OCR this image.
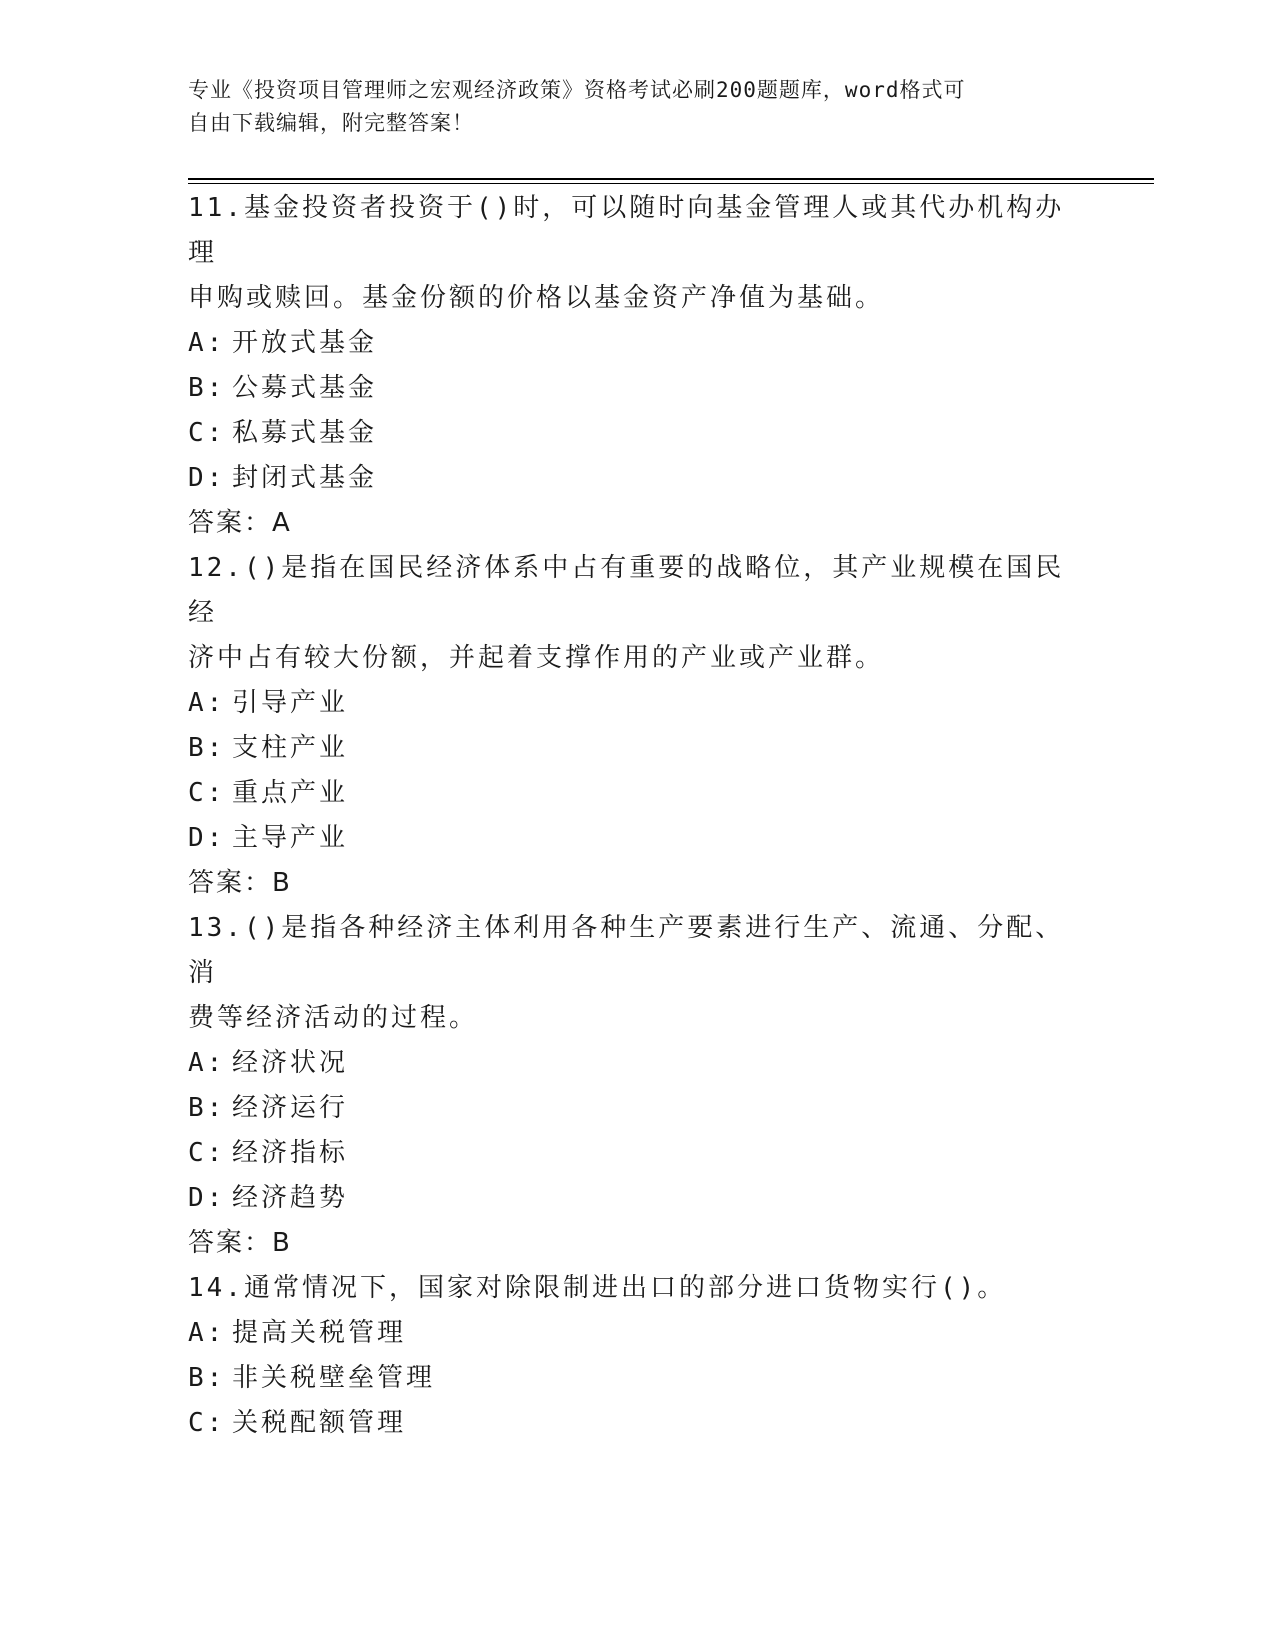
专业《投资项目管理师之宏观经济政策》资格考试必刷200题题库，word格式可
自由下载编辑，附完整答案！

11.基金投资者投资于()时，可以随时向基金管理人或其代办机构办理

申购或赎回。基金份额的价格以基金资产净值为基础。

A: 开放式基金

B: 公募式基金

C: 私募式基金

D: 封闭式基金

答案：A

12.()是指在国民经济体系中占有重要的战略位，其产业规模在国民经

济中占有较大份额，并起着支撑作用的产业或产业群。

A: 引导产业

B: 支柱产业

C: 重点产业

D: 主导产业

答案：B

13.()是指各种经济主体利用各种生产要素进行生产、流通、分配、消

费等经济活动的过程。

A: 经济状况

B: 经济运行

C: 经济指标

D: 经济趋势

答案：B

14.通常情况下，国家对除限制进出口的部分进口货物实行()。

A: 提高关税管理

B: 非关税壁垒管理

C: 关税配额管理
